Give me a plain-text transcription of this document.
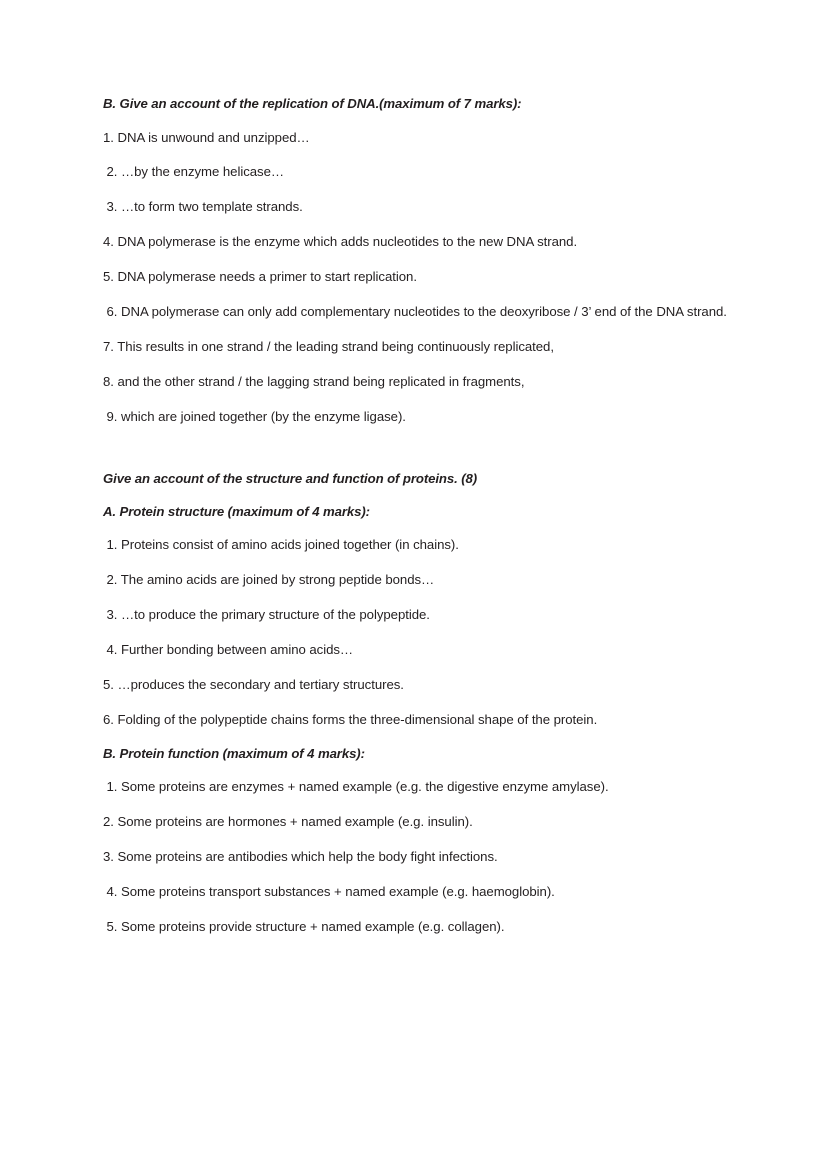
B. Give an account of the replication of DNA.(maximum of 7 marks):

1. DNA is unwound and unzipped…

2. …by the enzyme helicase…

3. …to form two template strands.

4. DNA polymerase is the enzyme which adds nucleotides to the new DNA strand.

5. DNA polymerase needs a primer to start replication.

6. DNA polymerase can only add complementary nucleotides to the deoxyribose / 3’ end of the DNA strand.

7. This results in one strand / the leading strand being continuously replicated,

8. and the other strand / the lagging strand being replicated in fragments,

9. which are joined together (by the enzyme ligase).

Give an account of the structure and function of proteins. (8)

A. Protein structure (maximum of 4 marks):

1. Proteins consist of amino acids joined together (in chains).

2. The amino acids are joined by strong peptide bonds…

3. …to produce the primary structure of the polypeptide.

4. Further bonding between amino acids…

5. …produces the secondary and tertiary structures.

6. Folding of the polypeptide chains forms the three-dimensional shape of the protein.

B. Protein function (maximum of 4 marks):

1. Some proteins are enzymes + named example (e.g. the digestive enzyme amylase).

2. Some proteins are hormones + named example (e.g. insulin).

3. Some proteins are antibodies which help the body fight infections.

4. Some proteins transport substances + named example (e.g. haemoglobin).

5. Some proteins provide structure + named example (e.g. collagen).
